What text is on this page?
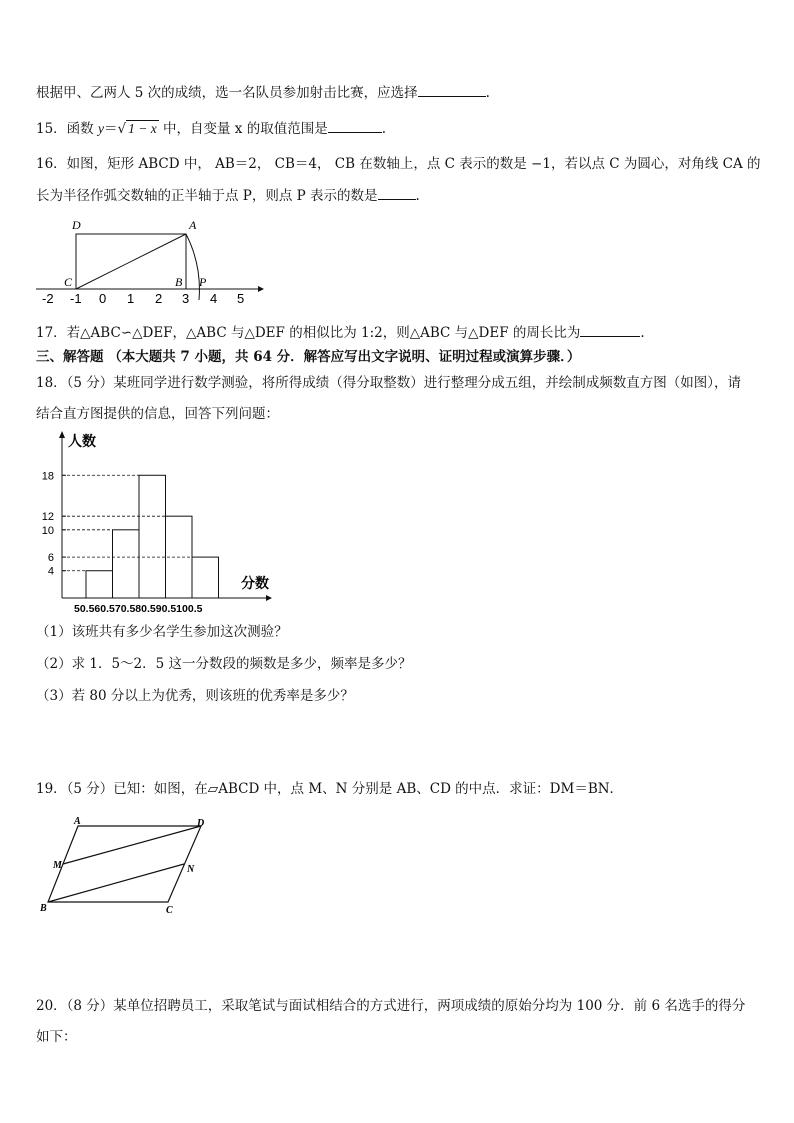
根据甲、乙两人 5 次的成绩，选一名队员参加射击比赛，应选择	.
15．函数 y＝√ 1 − x 中，自变量 x 的取值范围是	.
16．如图，矩形 ABCD 中， AB＝2， CB＝4， CB 在数轴上，点 C 表示的数是 −1，若以点 C 为圆心，对角线 CA 的
长为半径作弧交数轴的正半轴于点 P，则点 P 表示的数是	.
D	A
C	B P
-2 -1 0 1 2 3 4 5
17．若△ABC∽△DEF，△ABC 与△DEF 的相似比为 1:2，则△ABC 与△DEF 的周长比为	.
三、解答题 （本大题共 7 小题，共 64 分．解答应写出文字说明、证明过程或演算步骤．）
18．（5 分）某班同学进行数学测验，将所得成绩（得分取整数）进行整理分成五组，并绘制成频数直方图（如图），请
结合直方图提供的信息，回答下列问题：
人数
分数
4
6
10
12
18
50.560.570.580.590.5100.5
（1）该班共有多少名学生参加这次测验？
（2）求 1．5～2．5 这一分数段的频数是多少，频率是多少？
（3）若 80 分以上为优秀，则该班的优秀率是多少？
19．（5 分）已知：如图，在▱ABCD 中，点 M、N 分别是 AB、CD 的中点．求证：DM＝BN．
A	D
M	N
B	C
20．（8 分）某单位招聘员工，采取笔试与面试相结合的方式进行，两项成绩的原始分均为 100 分．前 6 名选手的得分
如下：
